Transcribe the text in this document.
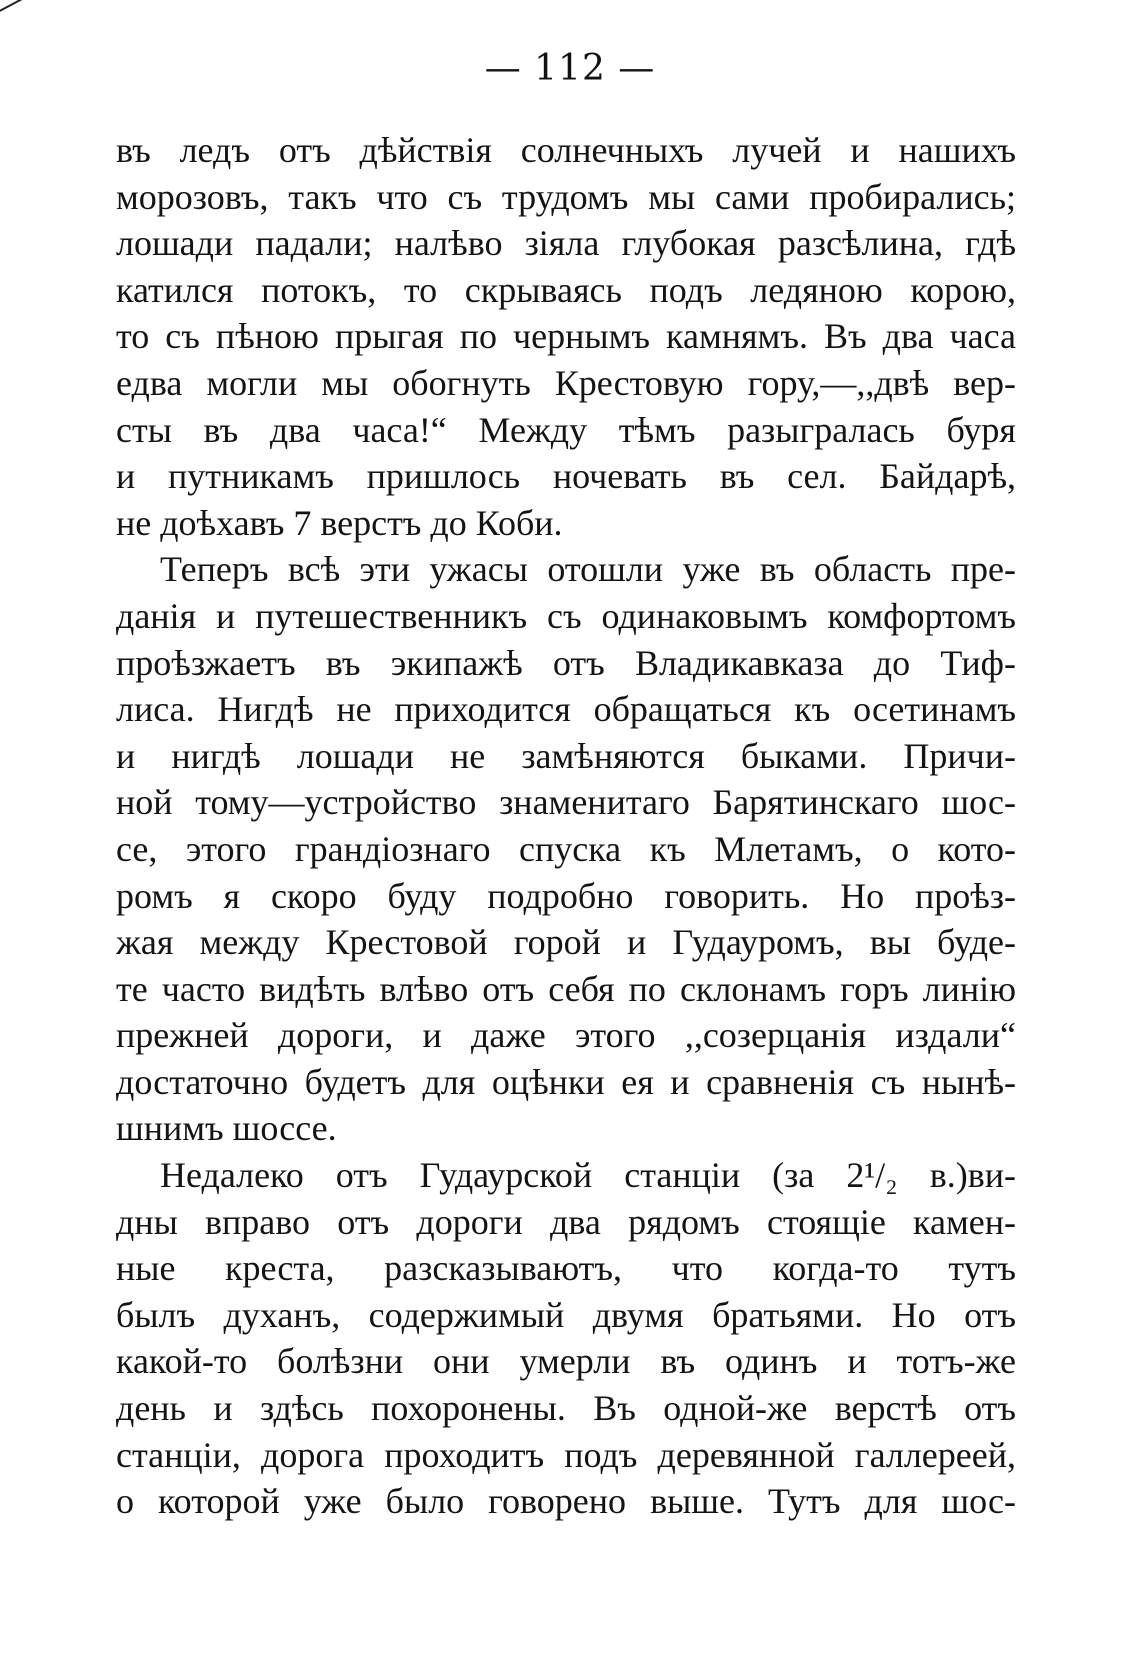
— 112 —
въ ледъ отъ дѣйствія солнечныхъ лучей и нашихъ
морозовъ, такъ что съ трудомъ мы сами пробирались;
лошади падали; налѣво зіяла глубокая разсѣлина, гдѣ
катился потокъ, то скрываясь подъ ледяною корою,
то съ пѣною прыгая по чернымъ камнямъ. Въ два часа
едва могли мы обогнуть Крестовую гору,—,,двѣ вер-
сты въ два часа!“ Между тѣмъ разыгралась буря
и путникамъ пришлось ночевать въ сел. Байдарѣ,
не доѣхавъ 7 верстъ до Коби.
Теперъ всѣ эти ужасы отошли уже въ область пре-
данія и путешественникъ съ одинаковымъ комфортомъ
проѣзжаетъ въ экипажѣ отъ Владикавказа до Тиф-
лиса. Нигдѣ не приходится обращаться къ осетинамъ
и нигдѣ лошади не замѣняются быками. Причи-
ной тому—устройство знаменитаго Барятинскаго шос-
се, этого грандіознаго спуска къ Млетамъ, о кото-
ромъ я скоро буду подробно говорить. Но проѣз-
жая между Крестовой горой и Гудауромъ, вы буде-
те часто видѣть влѣво отъ себя по склонамъ горъ линію
прежней дороги, и даже этого ,,созерцанія издали“
достаточно будетъ для оцѣнки ея и сравненія съ нынѣ-
шнимъ шоссе.
Недалеко отъ Гудаурской станціи (за 2¹/₂ в.)ви-
дны вправо отъ дороги два рядомъ стоящіе камен-
ные креста, разсказываютъ, что когда-то тутъ
былъ духанъ, содержимый двумя братьями. Но отъ
какой-то болѣзни они умерли въ одинъ и тотъ-же
день и здѣсь похоронены. Въ одной-же верстѣ отъ
станціи, дорога проходитъ подъ деревянной галлереей,
о которой уже было говорено выше. Тутъ для шос-
